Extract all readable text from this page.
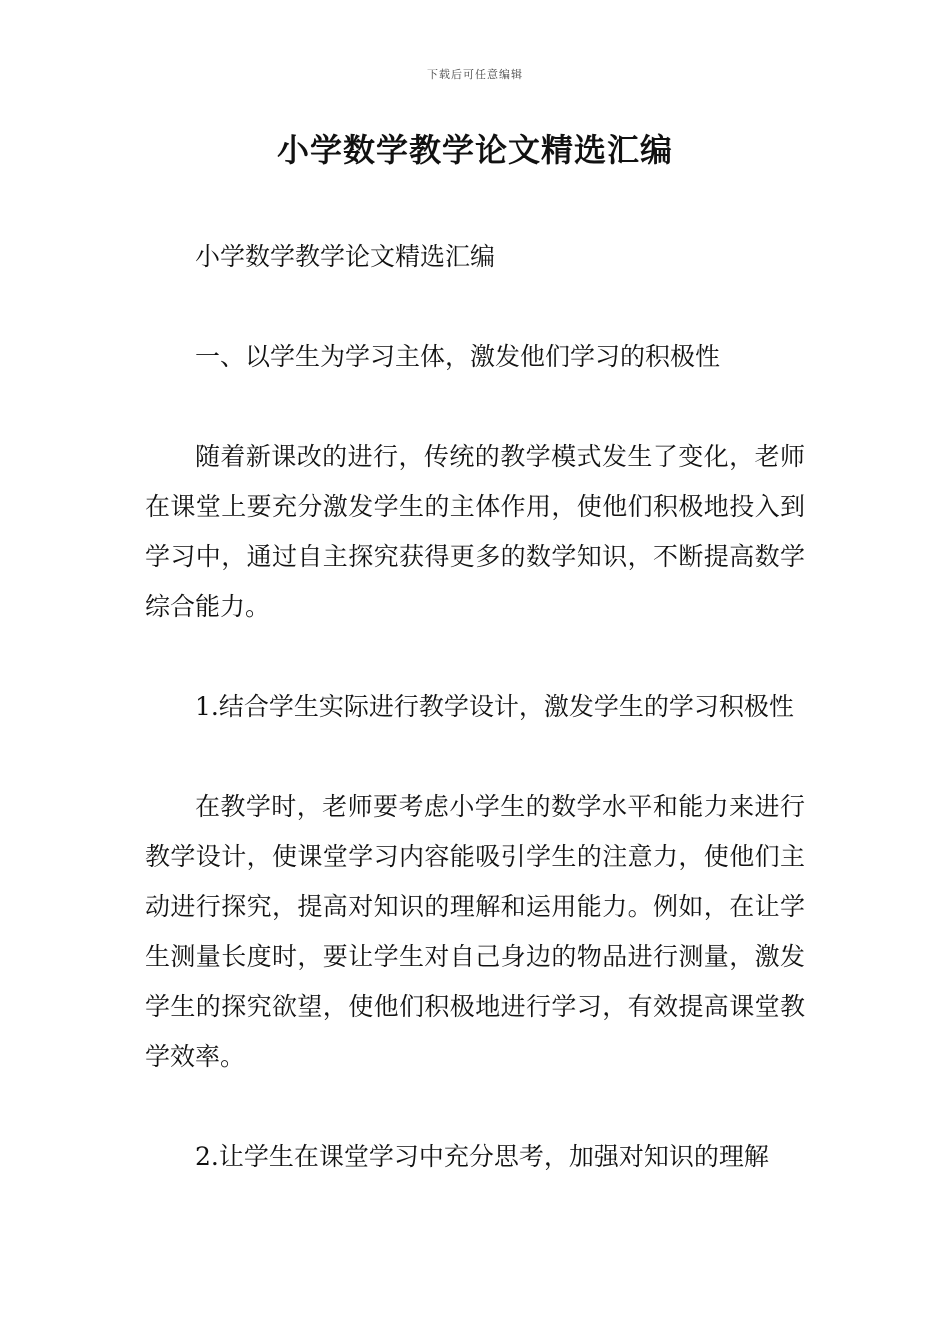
下载后可任意编辑
小学数学教学论文精选汇编

小学数学教学论文精选汇编

一、以学生为学习主体，激发他们学习的积极性

随着新课改的进行，传统的教学模式发生了变化，老师在课堂上要充分激发学生的主体作用，使他们积极地投入到学习中，通过自主探究获得更多的数学知识，不断提高数学综合能力。

1.结合学生实际进行教学设计，激发学生的学习积极性

在教学时，老师要考虑小学生的数学水平和能力来进行教学设计，使课堂学习内容能吸引学生的注意力，使他们主动进行探究，提高对知识的理解和运用能力。例如，在让学生测量长度时，要让学生对自己身边的物品进行测量，激发学生的探究欲望，使他们积极地进行学习，有效提高课堂教学效率。

2.让学生在课堂学习中充分思考，加强对知识的理解
